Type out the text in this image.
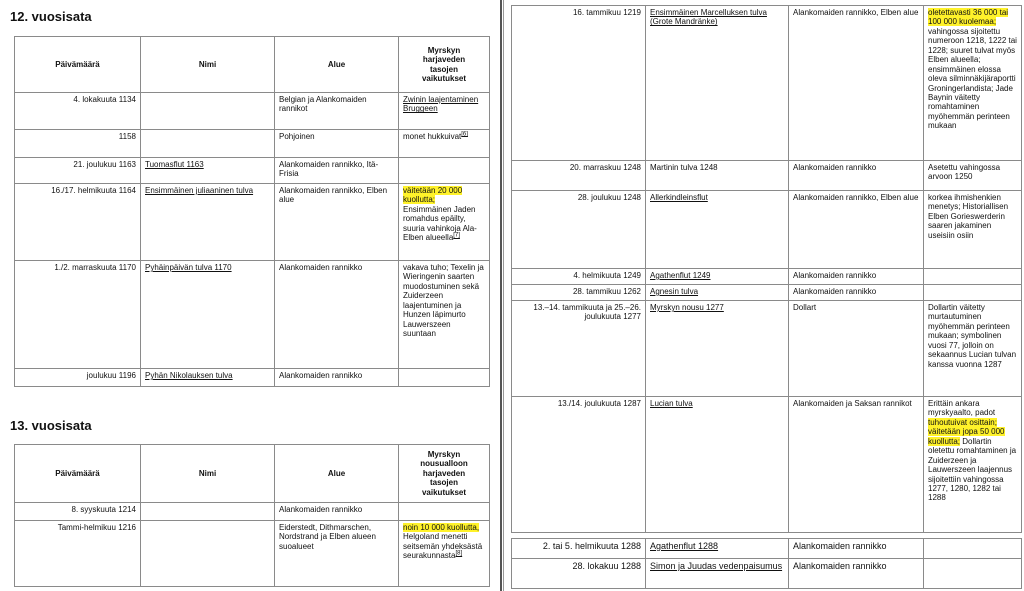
12. vuosisata
Päivämäärä	Nimi	Alue	Myrskyn
harjaveden
tasojen
vaikutukset
4. lokakuuta 1134		Belgian ja Alankomaiden rannikot	Zwinin laajentaminen Bruggeen
1158		Pohjoinen	monet hukkuivat[6]
21. joulukuu 1163	Tuomasflut 1163	Alankomaiden rannikko, Itä-Frisia	
16./17. helmikuuta 1164	Ensimmäinen juliaaninen tulva	Alankomaiden rannikko, Elben alue	väitetään 20 000 kuollutta; Ensimmäinen Jaden romahdus epäilty, suuria vahinkoja Ala-Elben alueella[7]
1./2. marraskuuta 1170	Pyhäinpäivän tulva 1170	Alankomaiden rannikko	vakava tuho; Texelin ja Wieringenin saarten muodostuminen sekä Zuiderzeen laajentuminen ja Hunzen läpimurto Lauwerszeen suuntaan
joulukuu 1196	Pyhän Nikolauksen tulva	Alankomaiden rannikko	
13. vuosisata
Päivämäärä	Nimi	Alue	Myrskyn
nousualloon
harjaveden
tasojen
vaikutukset
8. syyskuuta 1214		Alankomaiden rannikko	
Tammi-helmikuu 1216		Eiderstedt, Dithmarschen, Nordstrand ja Elben alueen suoalueet	noin 10 000 kuollutta, Helgoland menetti seitsemän yhdeksästä seurakunnasta[8]
16. tammikuu 1219	Ensimmäinen Marcelluksen tulva (Grote Mandränke)	Alankomaiden rannikko, Elben alue	oletettavasti 36 000 tai 100 000 kuolemaa; vahingossa sijoitettu numeroon 1218, 1222 tai 1228; suuret tulvat myös Elben alueella; ensimmäinen elossa oleva silminnäkijäraportti Groningerlandista; Jade Baynin väitetty romahtaminen myöhemmän perinteen mukaan
20. marraskuu 1248	Martinin tulva 1248	Alankomaiden rannikko	Asetettu vahingossa arvoon 1250
28. joulukuu 1248	Allerkindleinsflut	Alankomaiden rannikko, Elben alue	korkea ihmishenkien menetys; Historiallisen Elben Gorieswerderin saaren jakaminen useisiin osiin
4. helmikuuta 1249	Agathenflut 1249	Alankomaiden rannikko	
28. tammikuu 1262	Agnesin tulva	Alankomaiden rannikko	
13.–14. tammikuuta ja 25.–26. joulukuuta 1277	Myrskyn nousu 1277	Dollart	Dollartin väitetty murtautuminen myöhemmän perinteen mukaan; symbolinen vuosi 77, jolloin on sekaannus Lucian tulvan kanssa vuonna 1287
13./14. joulukuuta 1287	Lucian tulva	Alankomaiden ja Saksan rannikot	Erittäin ankara myrskyaalto, padot tuhoutuivat osittain; väitetään jopa 50 000 kuollutta; Dollartin oletettu romahtaminen ja Zuiderzeen ja Lauwerszeen laajennus sijoitettiin vahingossa 1277, 1280, 1282 tai 1288
2. tai 5. helmikuuta 1288	Agathenflut 1288	Alankomaiden rannikko	
28. lokakuu 1288	Simon ja Juudas vedenpaisumus	Alankomaiden rannikko	
